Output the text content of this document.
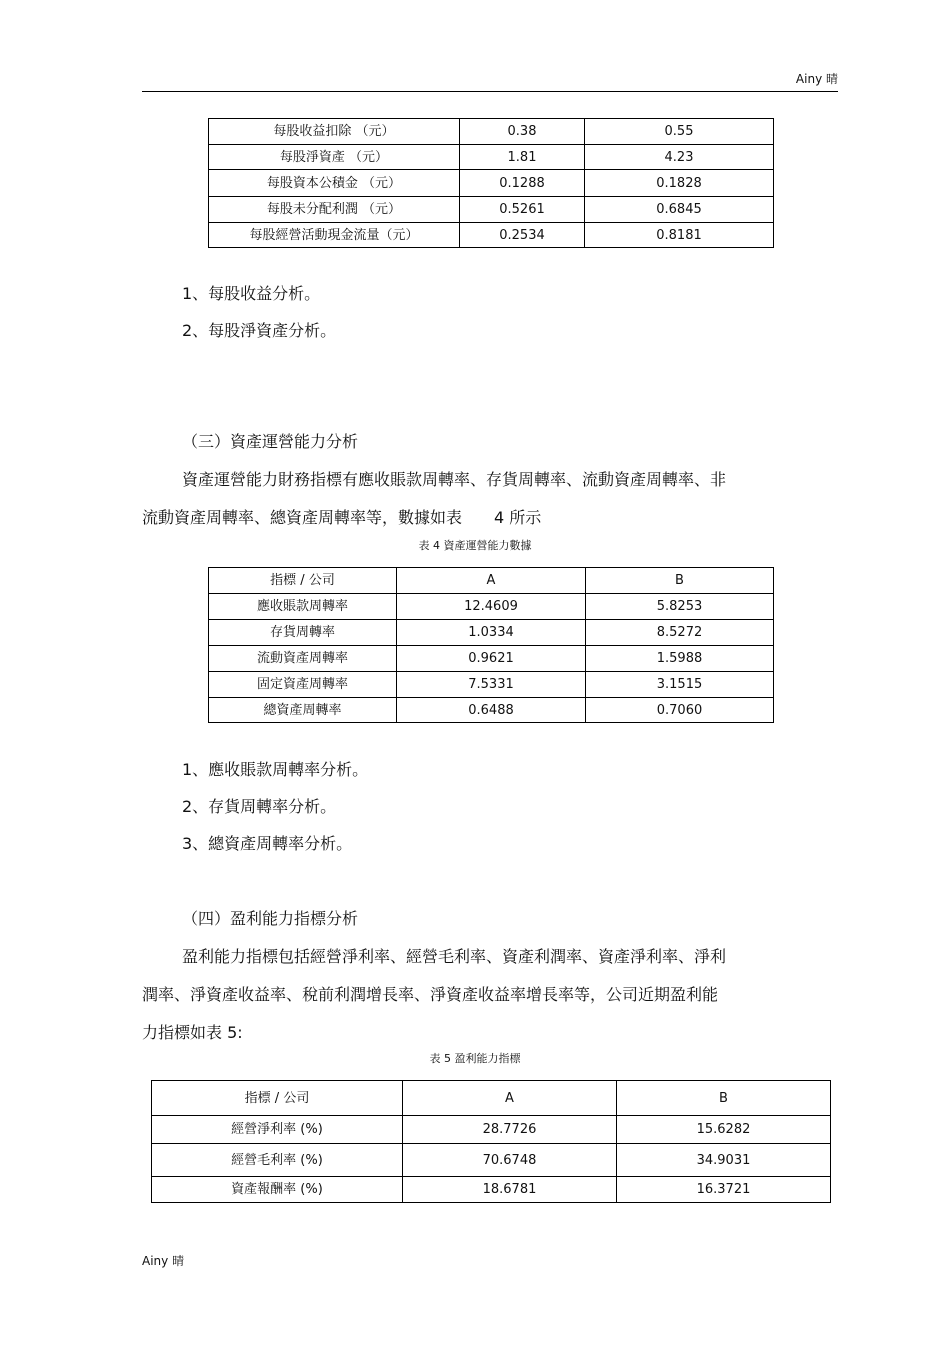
Ainy 晴
每股收益扣除 （元）	0.38	0.55
每股淨資產 （元）	1.81	4.23
每股資本公積金 （元）	0.1288	0.1828
每股未分配利潤 （元）	0.5261	0.6845
每股經營活動現金流量（元）	0.2534	0.8181
1、每股收益分析。
2、每股淨資產分析。
（三）資產運營能力分析
資產運營能力財務指標有應收賬款周轉率、存貨周轉率、流動資產周轉率、非
流動資產周轉率、總資產周轉率等，數據如表　　4 所示
表 4 資產運營能力數據
指標 / 公司	A	B
應收賬款周轉率	12.4609	5.8253
存貨周轉率	1.0334	8.5272
流動資產周轉率	0.9621	1.5988
固定資產周轉率	7.5331	3.1515
總資產周轉率	0.6488	0.7060
1、應收賬款周轉率分析。
2、存貨周轉率分析。
3、總資產周轉率分析。
（四）盈利能力指標分析
盈利能力指標包括經營淨利率、經營毛利率、資產利潤率、資產淨利率、淨利
潤率、淨資產收益率、稅前利潤增長率、淨資產收益率增長率等，公司近期盈利能
力指標如表 5:
表 5 盈利能力指標
指標 / 公司	A	B
經營淨利率 (%)	28.7726	15.6282
經營毛利率 (%)	70.6748	34.9031
資產報酬率 (%)	18.6781	16.3721
Ainy 晴
